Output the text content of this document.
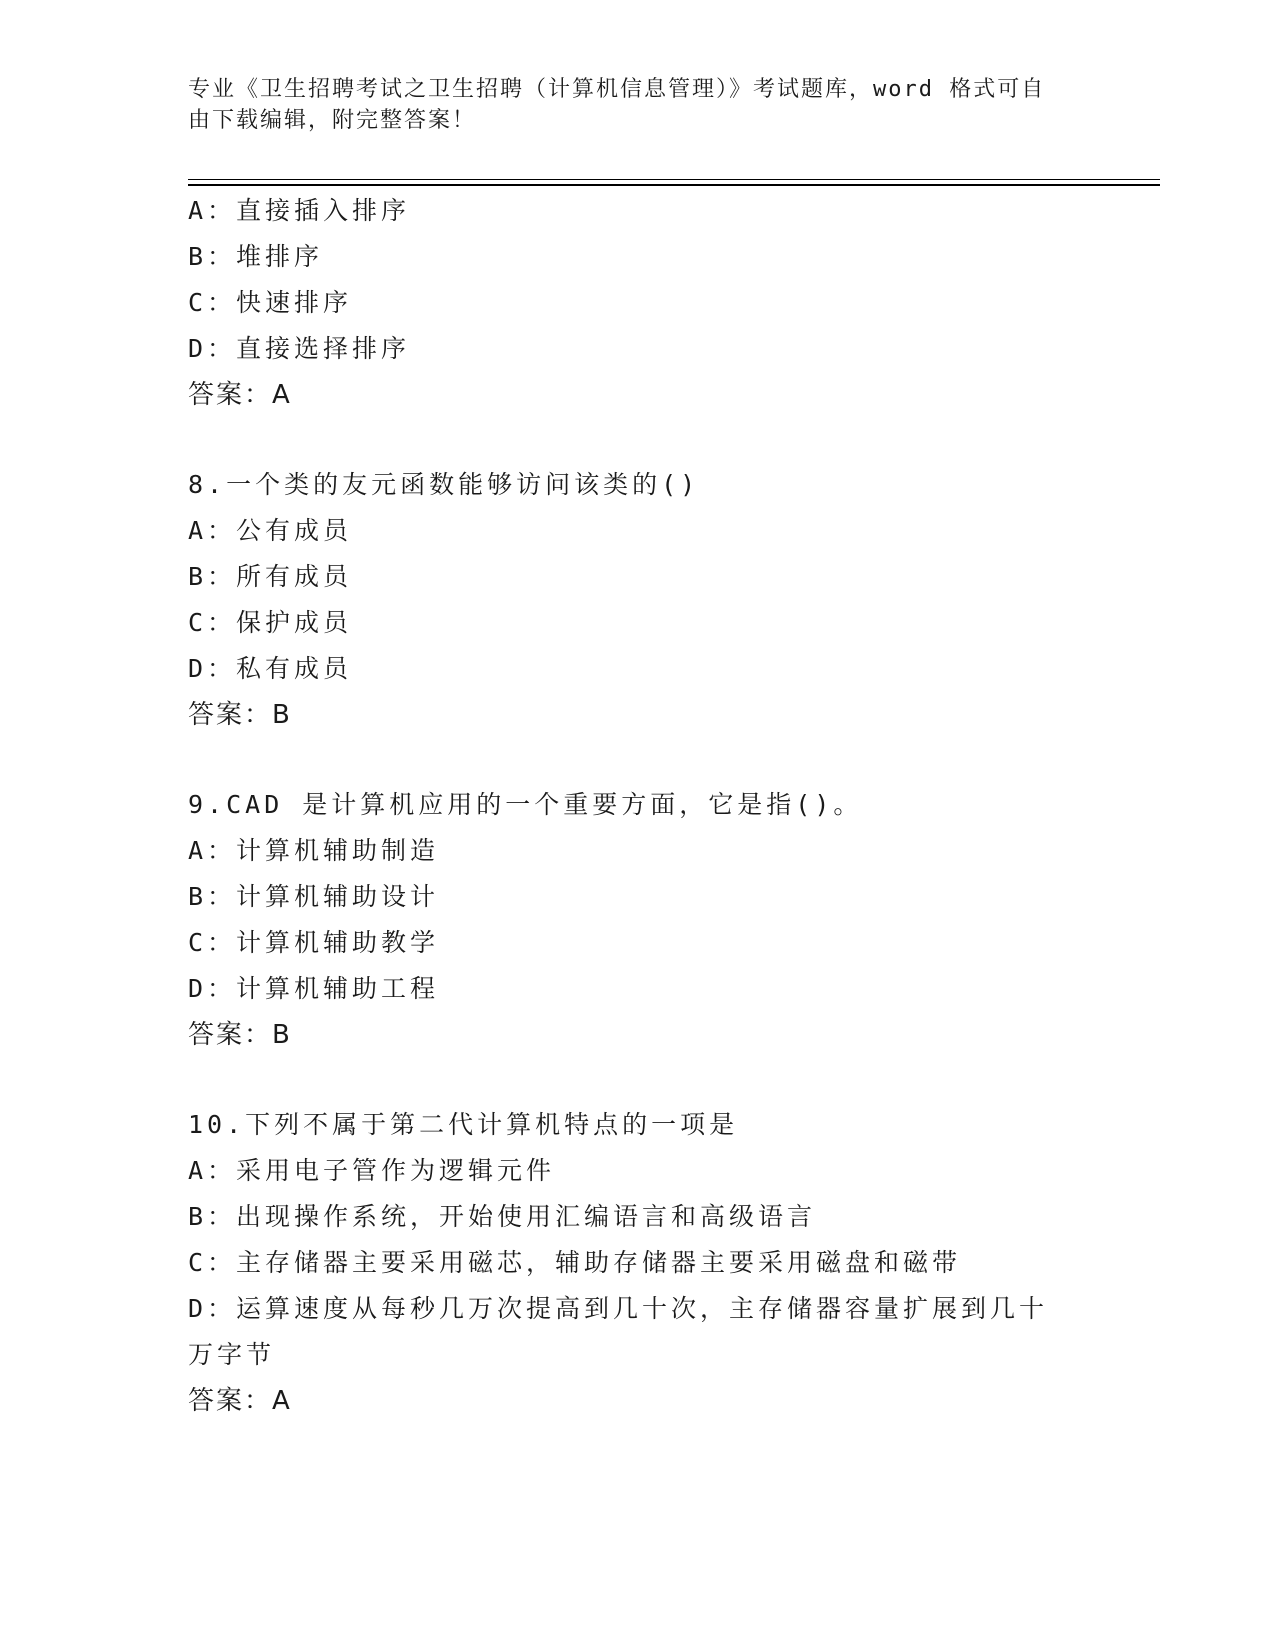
专业《卫生招聘考试之卫生招聘（计算机信息管理）》考试题库，word 格式可自
由下载编辑，附完整答案！
A：直接插入排序
B：堆排序
C：快速排序
D：直接选择排序
答案：A
8.一个类的友元函数能够访问该类的()
A：公有成员
B：所有成员
C：保护成员
D：私有成员
答案：B
9.CAD 是计算机应用的一个重要方面，它是指()。
A：计算机辅助制造
B：计算机辅助设计
C：计算机辅助教学
D：计算机辅助工程
答案：B
10.下列不属于第二代计算机特点的一项是
A：采用电子管作为逻辑元件
B：出现操作系统，开始使用汇编语言和高级语言
C：主存储器主要采用磁芯，辅助存储器主要采用磁盘和磁带
D：运算速度从每秒几万次提高到几十次，主存储器容量扩展到几十万字节
答案：A
